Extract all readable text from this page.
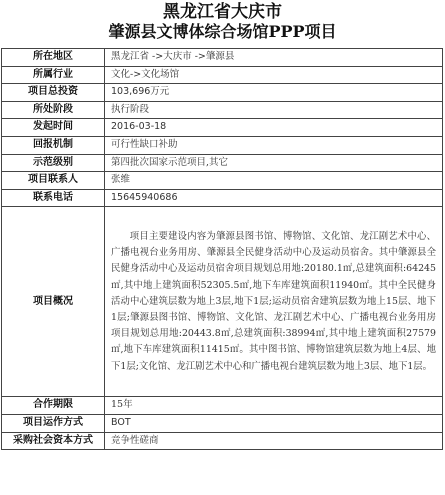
黑龙江省大庆市
肇源县文博体综合场馆PPP项目
所在地区	黑龙江省 ->大庆市 ->肇源县
所属行业	文化->文化场馆
项目总投资	103,696万元
所处阶段	执行阶段
发起时间	2016-03-18
回报机制	可行性缺口补助
示范级别	第四批次国家示范项目,其它
项目联系人	张维
联系电话	15645940686
项目概况	项目主要建设内容为肇源县图书馆、博物馆、文化馆、龙江剧艺术中心、广播电视台业务用房、肇源县全民健身活动中心及运动员宿舍。其中肇源县全民健身活动中心及运动员宿舍项目规划总用地:20180.1㎡,总建筑面积:64245㎡,其中地上建筑面积52305.5㎡,地下车库建筑面积11940㎡。其中全民健身活动中心建筑层数为地上3层,地下1层;运动员宿舍建筑层数为地上15层、地下1层;肇源县图书馆、博物馆、文化馆、龙江剧艺术中心、广播电视台业务用房项目规划总用地:20443.8㎡,总建筑面积:38994㎡,其中地上建筑面积27579㎡,地下车库建筑面积11415㎡。其中图书馆、博物馆建筑层数为地上4层、地下1层;文化馆、龙江剧艺术中心和广播电视台建筑层数为地上3层、地下1层。
合作期限	15年
项目运作方式	BOT
采购社会资本方式	竞争性磋商
